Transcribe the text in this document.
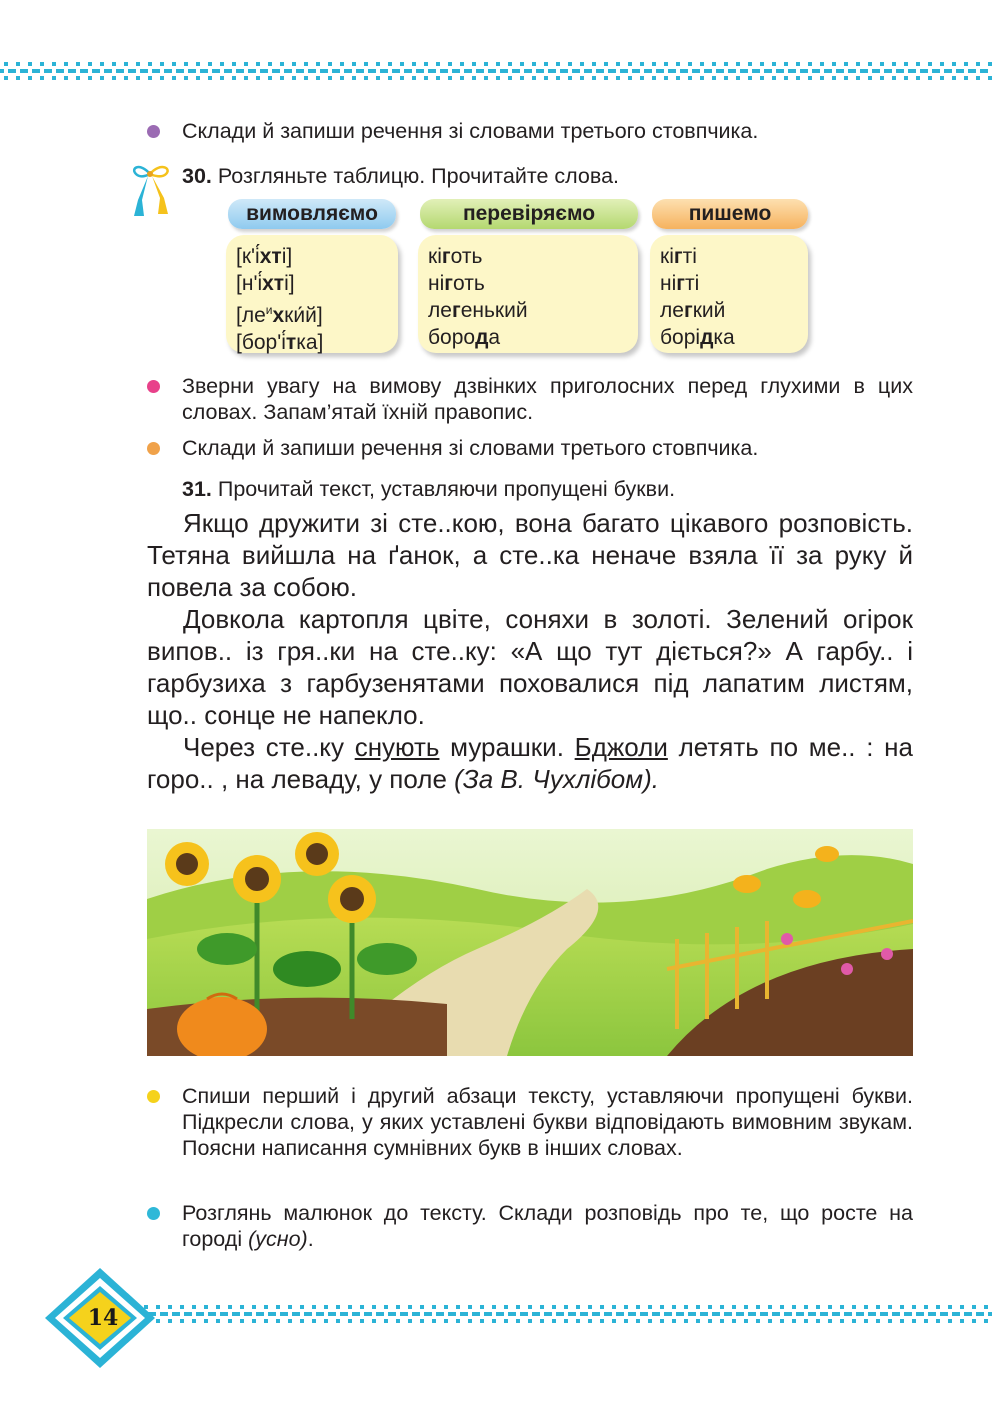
Склади й запиши речення зі словами третього стовпчика.
30. Розгляньте таблицю. Прочитайте слова.
вимовляємо	перевіряємо	пишемо
[кʹі́хті]
[нʹі́хті]
$[ле^ихки́й]$
[борʹі́тка]
кіготь
ніготь
легенький
борода
кігті
нігті
легкий
борідка
Зверни увагу на вимову дзвінких приголосних перед глухими в цих словах. Запам’ятай їхній правопис.
Склади й запиши речення зі словами третього стовпчика.
31. Прочитай текст, уставляючи пропущені букви.

Якщо дружити зі сте..кою, вона багато цікавого розповість. Тетяна вийшла на ґанок, а сте..ка неначе взяла її за руку й повела за собою.

Довкола картопля цвіте, соняхи в золоті. Зелений огірок випов.. із гря..ки на сте..ку: «А що тут діється?» А гарбу.. і гарбузиха з гарбузенятами поховалися під лапатим листям, що.. сонце не напекло.

Через сте..ку снують мурашки. Бджоли летять по ме.. : на горо.. , на леваду, у поле (За В. Чухлібом).

Спиши перший і другий абзаци тексту, уставляючи пропущені букви. Підкресли слова, у яких уставлені букви відповідають вимовним звукам. Поясни написання сумнівних букв в інших словах.
Розглянь малюнок до тексту. Склади розповідь про те, що росте на городі (усно).
14
